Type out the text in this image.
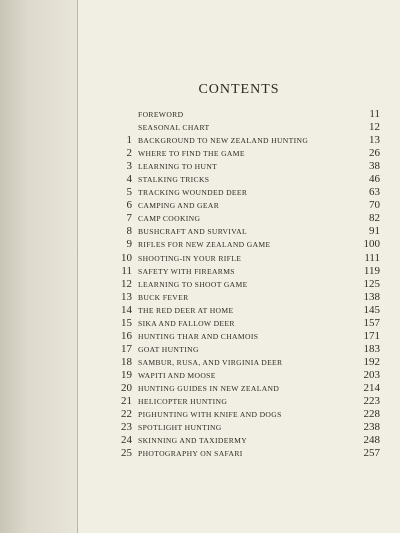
CONTENTS
FOREWORD	11
SEASONAL CHART	12
1 BACKGROUND TO NEW ZEALAND HUNTING	13
2 WHERE TO FIND THE GAME	26
3 LEARNING TO HUNT	38
4 STALKING TRICKS	46
5 TRACKING WOUNDED DEER	63
6 CAMPING AND GEAR	70
7 CAMP COOKING	82
8 BUSHCRAFT AND SURVIVAL	91
9 RIFLES FOR NEW ZEALAND GAME	100
10 SHOOTING-IN YOUR RIFLE	111
11 SAFETY WITH FIREARMS	119
12 LEARNING TO SHOOT GAME	125
13 BUCK FEVER	138
14 THE RED DEER AT HOME	145
15 SIKA AND FALLOW DEER	157
16 HUNTING THAR AND CHAMOIS	171
17 GOAT HUNTING	183
18 SAMBUR, RUSA, AND VIRGINIA DEER	192
19 WAPITI AND MOOSE	203
20 HUNTING GUIDES IN NEW ZEALAND	214
21 HELICOPTER HUNTING	223
22 PIGHUNTING WITH KNIFE AND DOGS	228
23 SPOTLIGHT HUNTING	238
24 SKINNING AND TAXIDERMY	248
25 PHOTOGRAPHY ON SAFARI	257
